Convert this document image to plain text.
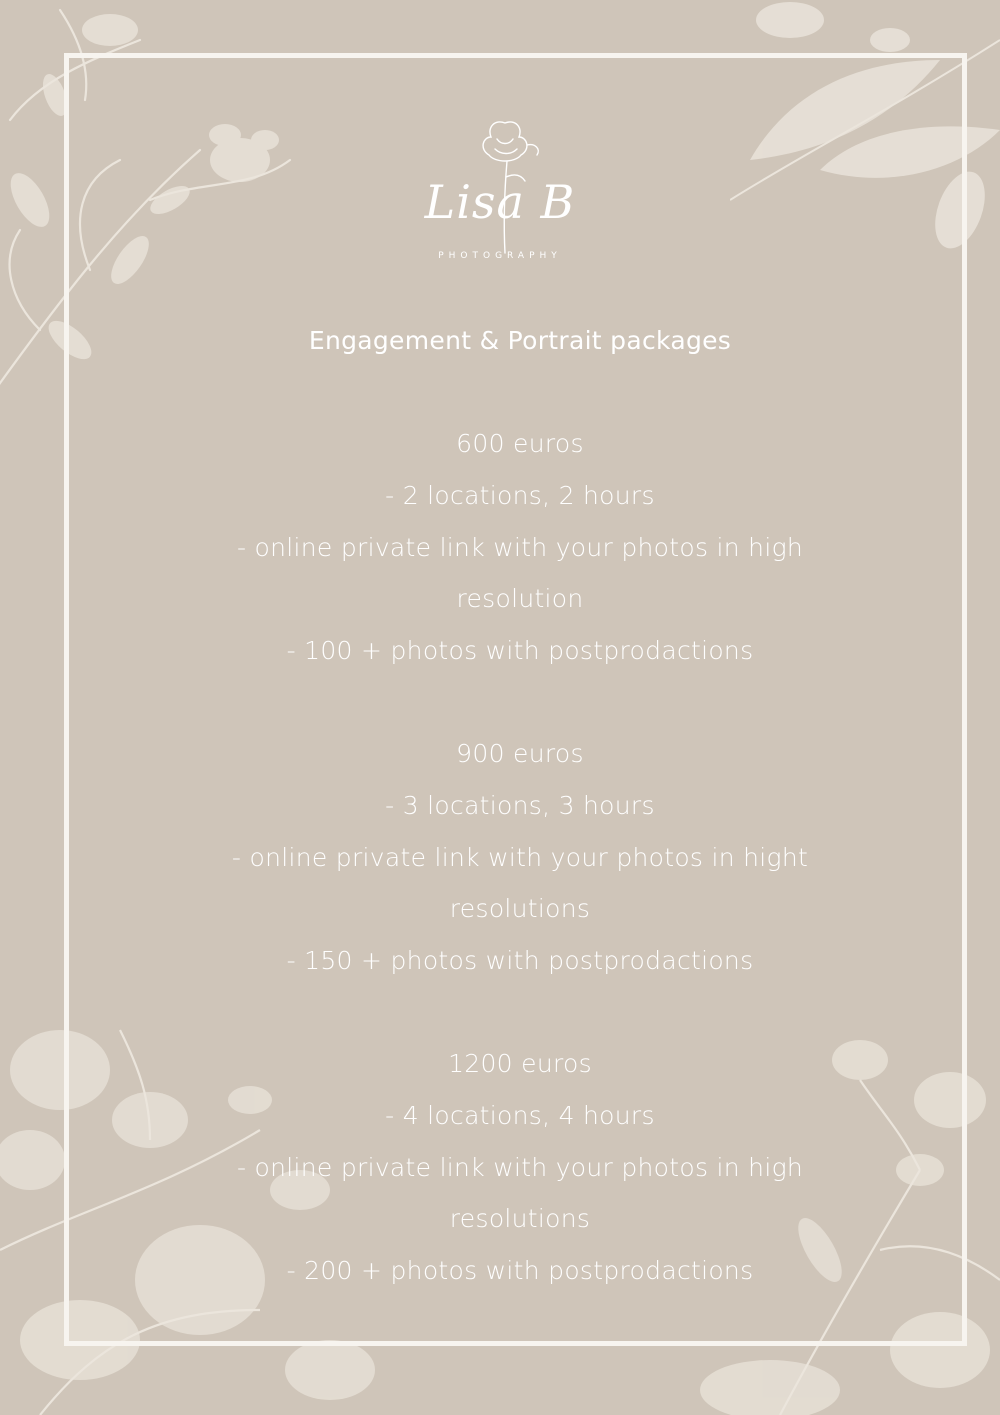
Lisa B
PHOTOGRAPHY
Engagement & Portrait packages

600 euros

- 2 locations, 2 hours

- online private link with your photos in high

resolution

- 100 + photos with postprodactions

900 euros

- 3 locations, 3 hours

- online private link with your photos in hight

resolutions

- 150 + photos with postprodactions

1200 euros

- 4 locations, 4 hours

- online private link with your photos in high

resolutions

- 200 + photos with postprodactions
